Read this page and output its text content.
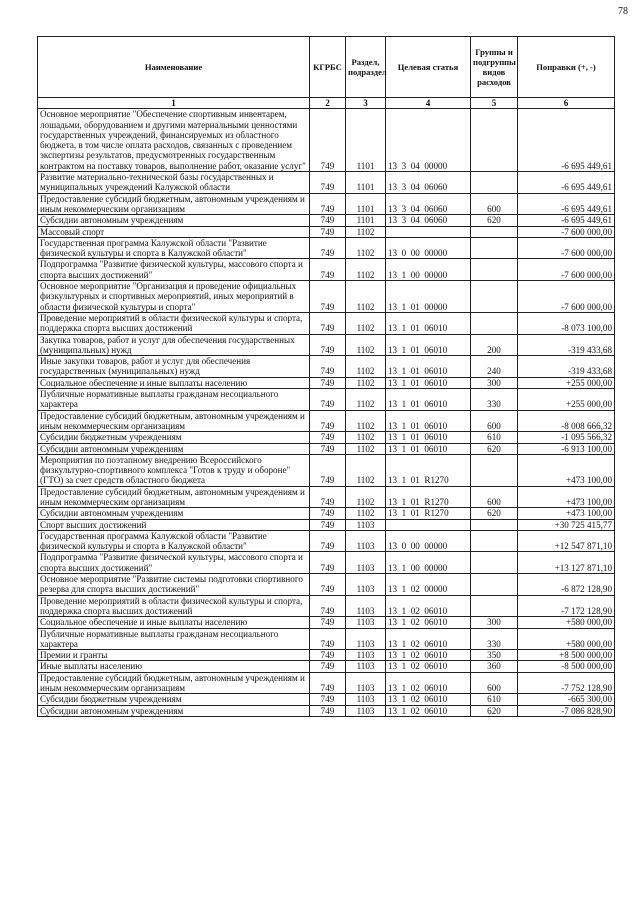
78
Наименование	КГРБС	Раздел, подраздел	Целевая статья	Группы и подгруппы видов расходов	Поправки (+, -)
1	2	3	4	5	6
Основное мероприятие "Обеспечение спортивным инвентарем, лошадьми, оборудованием и другими материальными ценностями государственных учреждений, финансируемых из областного бюджета, в том числе оплата расходов, связанных с проведением экспертизы результатов, предусмотренных государственным контрактом на поставку товаров, выполнение работ, оказание услуг"	749	1101	13  3  04  00000		-6 695 449,61
Развитие материально-технической базы государственных и муниципальных учреждений Калужской области	749	1101	13  3  04  06060		-6 695 449,61
Предоставление субсидий бюджетным, автономным учреждениям и иным некоммерческим организациям	749	1101	13  3  04  06060	600	-6 695 449,61
Субсидии автономным учреждениям	749	1101	13  3  04  06060	620	-6 695 449,61
Массовый спорт	749	1102			-7 600 000,00
Государственная программа Калужской области "Развитие физической культуры и спорта в Калужской области"	749	1102	13  0  00  00000		-7 600 000,00
Подпрограмма "Развитие физической культуры, массового спорта и спорта высших достижений"	749	1102	13  1  00  00000		-7 600 000,00
Основное мероприятие "Организация и проведение официальных физкультурных и спортивных мероприятий, иных мероприятий в области физической культуры и спорта"	749	1102	13  1  01  00000		-7 600 000,00
Проведение мероприятий в области физической культуры и спорта, поддержка спорта высших достижений	749	1102	13  1  01  06010		-8 073 100,00
Закупка товаров, работ и услуг для обеспечения государственных (муниципальных) нужд	749	1102	13  1  01  06010	200	-319 433,68
Иные закупки товаров, работ и услуг для обеспечения государственных (муниципальных) нужд	749	1102	13  1  01  06010	240	-319 433,68
Социальное обеспечение и иные выплаты населению	749	1102	13  1  01  06010	300	+255 000,00
Публичные нормативные выплаты гражданам несоциального характера	749	1102	13  1  01  06010	330	+255 000,00
Предоставление субсидий бюджетным, автономным учреждениям и иным некоммерческим организациям	749	1102	13  1  01  06010	600	-8 008 666,32
Субсидии бюджетным учреждениям	749	1102	13  1  01  06010	610	-1 095 566,32
Субсидии автономным учреждениям	749	1102	13  1  01  06010	620	-6 913 100,00
Мероприятия по поэтапному внедрению Всероссийского физкультурно-спортивного комплекса "Готов к труду и обороне" (ГТО) за счет средств областного бюджета	749	1102	13  1  01  R1270		+473 100,00
Предоставление субсидий бюджетным, автономным учреждениям и иным некоммерческим организациям	749	1102	13  1  01  R1270	600	+473 100,00
Субсидии автономным учреждениям	749	1102	13  1  01  R1270	620	+473 100,00
Спорт высших достижений	749	1103			+30 725 415,77
Государственная программа Калужской области "Развитие физической культуры и спорта в Калужской области"	749	1103	13  0  00  00000		+12 547 871,10
Подпрограмма "Развитие физической культуры, массового спорта и спорта высших достижений"	749	1103	13  1  00  00000		+13 127 871,10
Основное мероприятие "Развитие системы подготовки спортивного резерва для спорта высших достижений"	749	1103	13  1  02  00000		-6 872 128,90
Проведение мероприятий в области физической культуры и спорта, поддержка спорта высших достижений	749	1103	13  1  02  06010		-7 172 128,90
Социальное обеспечение и иные выплаты населению	749	1103	13  1  02  06010	300	+580 000,00
Публичные нормативные выплаты гражданам несоциального характера	749	1103	13  1  02  06010	330	+580 000,00
Премии и гранты	749	1103	13  1  02  06010	350	+8 500 000,00
Иные выплаты населению	749	1103	13  1  02  06010	360	-8 500 000,00
Предоставление субсидий бюджетным, автономным учреждениям и иным некоммерческим организациям	749	1103	13  1  02  06010	600	-7 752 128,90
Субсидии бюджетным учреждениям	749	1103	13  1  02  06010	610	-665 300,00
Субсидии автономным учреждениям	749	1103	13  1  02  06010	620	-7 086 828,90
